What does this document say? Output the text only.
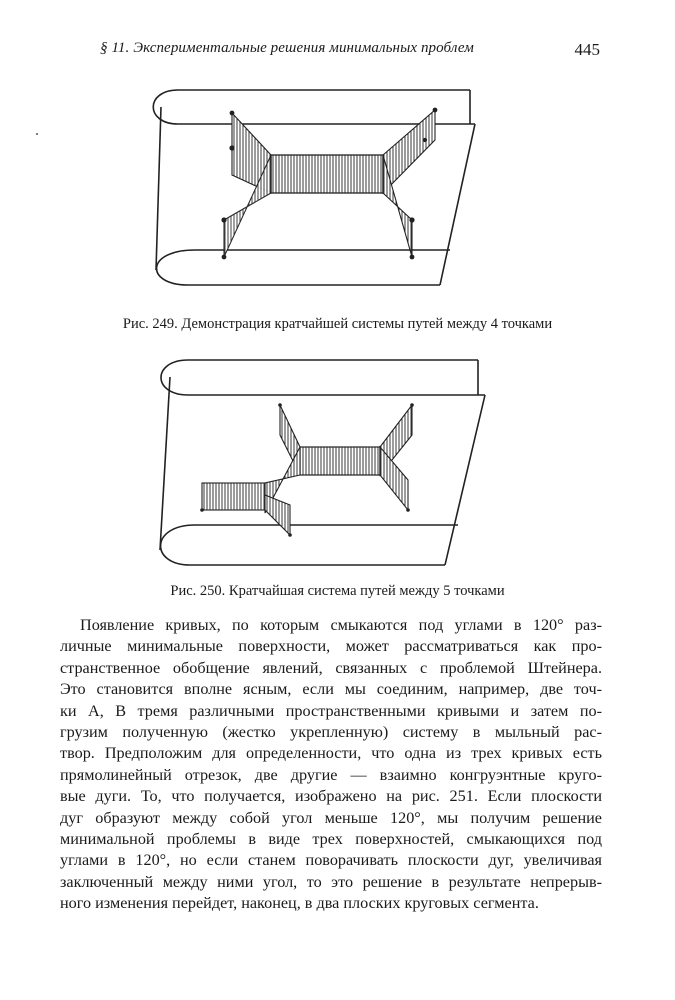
§ 11. Экспериментальные решения минимальных проблем	445
Рис. 249. Демонстрация кратчайшей системы путей между 4 точками
Рис. 250. Кратчайшая система путей между 5 точками
Появление кривых, по которым смыкаются под углами в 120° раз-
личные минимальные поверхности, может рассматриваться как про-
странственное обобщение явлений, связанных с проблемой Штейнера.
Это становится вполне ясным, если мы соединим, например, две точ-
ки A, B тремя различными пространственными кривыми и затем по-
грузим полученную (жестко укрепленную) систему в мыльный рас-
твор. Предположим для определенности, что одна из трех кривых есть
прямолинейный отрезок, две другие — взаимно конгруэнтные круго-
вые дуги. То, что получается, изображено на рис. 251. Если плоскости
дуг образуют между собой угол меньше 120°, мы получим решение
минимальной проблемы в виде трех поверхностей, смыкающихся под
углами в 120°, но если станем поворачивать плоскости дуг, увеличивая
заключенный между ними угол, то это решение в результате непрерыв-
ного изменения перейдет, наконец, в два плоских круговых сегмента.
